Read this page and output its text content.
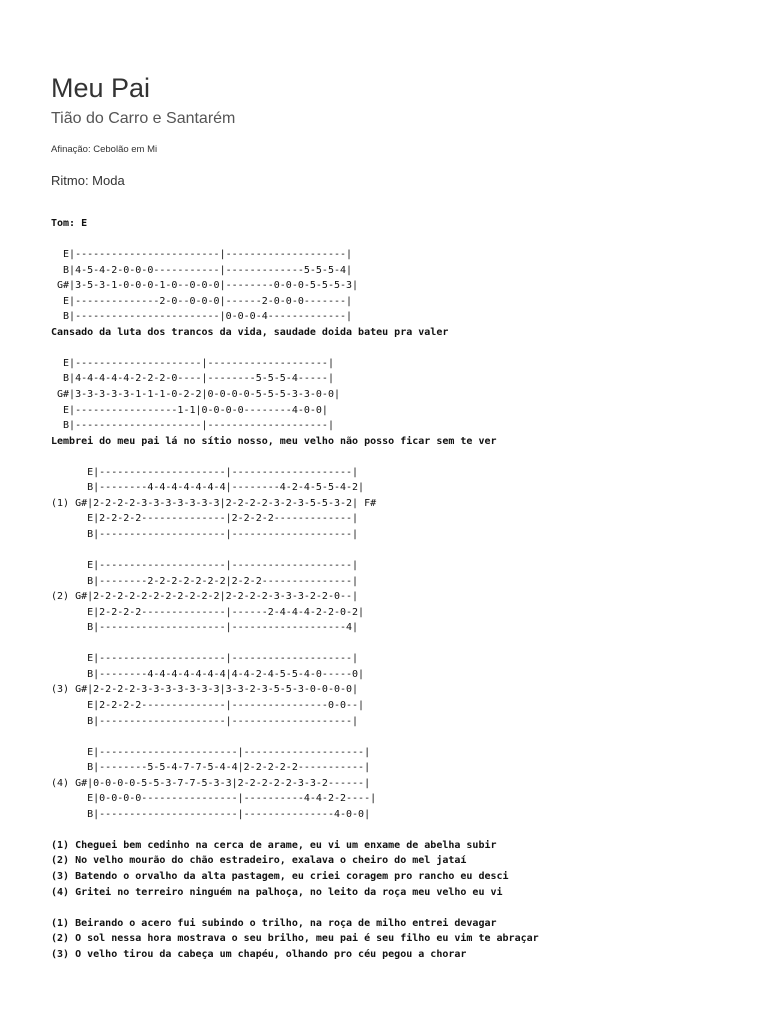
Meu Pai
Tião do Carro e Santarém
Afinação: Cebolão em Mi
Ritmo: Moda
Tom: E
E|------------------------|--------------------|
B|4-5-4-2-0-0-0-----------|-------------5-5-5-4|
G#|3-5-3-1-0-0-0-1-0--0-0-0|--------0-0-0-5-5-5-3|
E|--------------2-0--0-0-0|------2-0-0-0-------|
B|------------------------|0-0-0-4-------------|
Cansado da luta dos trancos da vida, saudade doida bateu pra valer
E|---------------------|--------------------|
B|4-4-4-4-4-2-2-2-0----|--------5-5-5-4-----|
G#|3-3-3-3-3-1-1-1-0-2-2|0-0-0-0-5-5-5-3-3-0-0|
E|-----------------1-1|0-0-0-0--------4-0-0|
B|---------------------|--------------------|
Lembrei do meu pai lá no sítio nosso, meu velho não posso ficar sem te ver
E|---------------------|--------------------|
B|--------4-4-4-4-4-4-4|--------4-2-4-5-5-4-2|
(1) G#|2-2-2-2-3-3-3-3-3-3-3|2-2-2-2-3-2-3-5-5-3-2| F#
E|2-2-2-2--------------|2-2-2-2-------------|
B|---------------------|--------------------|
E|---------------------|--------------------|
B|--------2-2-2-2-2-2-2|2-2-2---------------|
(2) G#|2-2-2-2-2-2-2-2-2-2-2|2-2-2-2-3-3-3-2-2-0--|
E|2-2-2-2--------------|------2-4-4-4-2-2-0-2|
B|---------------------|-------------------4|
E|---------------------|--------------------|
B|--------4-4-4-4-4-4-4|4-4-2-4-5-5-4-0-----0|
(3) G#|2-2-2-2-3-3-3-3-3-3-3|3-3-2-3-5-5-3-0-0-0-0|
E|2-2-2-2--------------|----------------0-0--|
B|---------------------|--------------------|
E|-----------------------|--------------------|
B|--------5-5-4-7-7-5-4-4|2-2-2-2-2-----------|
(4) G#|0-0-0-0-5-5-3-7-7-5-3-3|2-2-2-2-2-3-3-2------|
E|0-0-0-0----------------|----------4-4-2-2----|
B|-----------------------|---------------4-0-0|
(1) Cheguei bem cedinho na cerca de arame, eu vi um enxame de abelha subir
(2) No velho mourão do chão estradeiro, exalava o cheiro do mel jataí
(3) Batendo o orvalho da alta pastagem, eu criei coragem pro rancho eu desci
(4) Gritei no terreiro ninguém na palhoça, no leito da roça meu velho eu vi
(1) Beirando o acero fui subindo o trilho, na roça de milho entrei devagar
(2) O sol nessa hora mostrava o seu brilho, meu pai é seu filho eu vim te abraçar
(3) O velho tirou da cabeça um chapéu, olhando pro céu pegou a chorar
